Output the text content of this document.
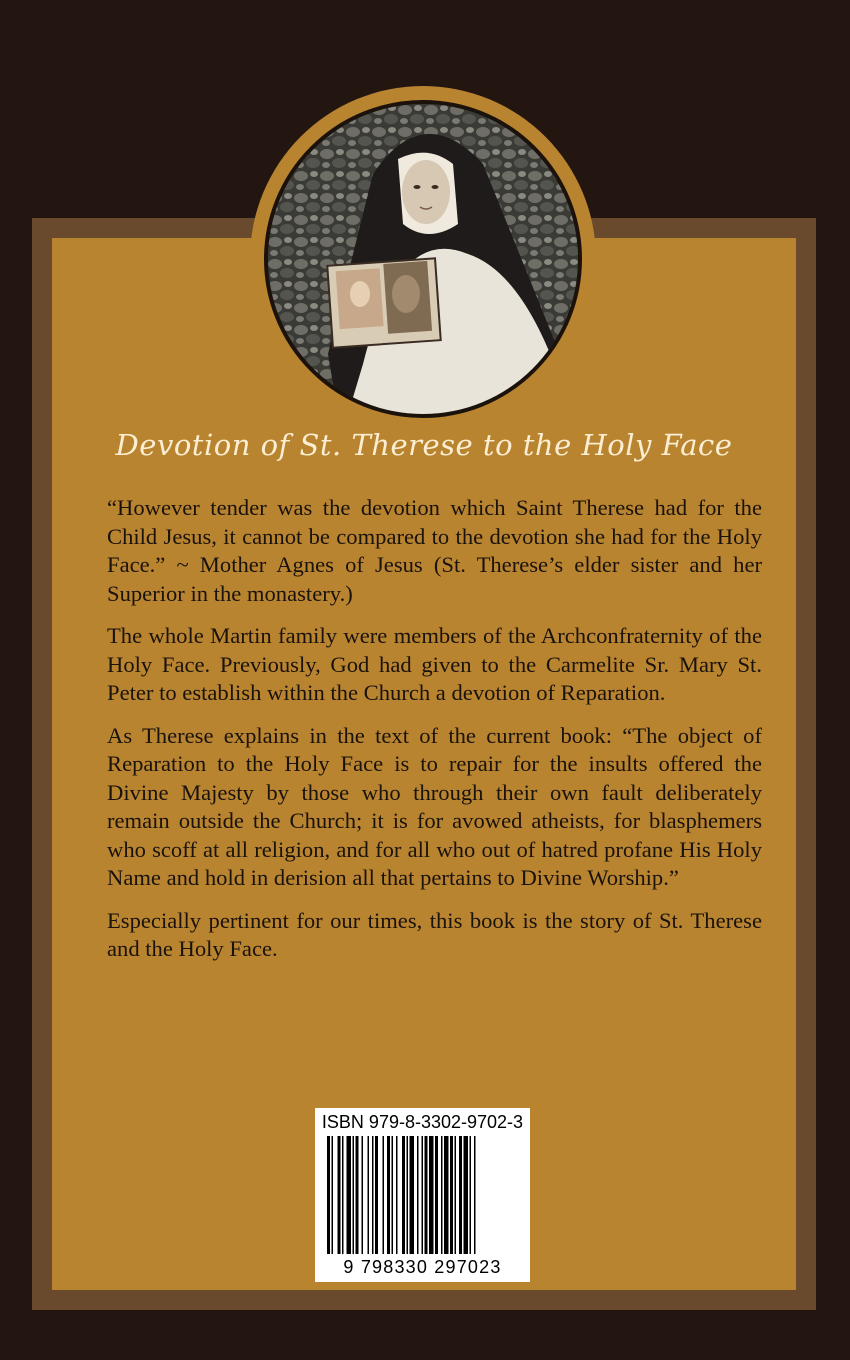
Devotion of St. Therese to the Holy Face

“However tender was the devotion which Saint Therese had for the Child Jesus, it cannot be compared to the devotion she had for the Holy Face.” ~ Mother Agnes of Jesus (St. Therese’s elder sister and her Superior in the monastery.)

The whole Martin family were members of the Archconfraternity of the Holy Face. Previously, God had given to the Carmelite Sr. Mary St. Peter to establish within the Church a devotion of Reparation.

As Therese explains in the text of the current book: “The object of Reparation to the Holy Face is to repair for the insults offered the Divine Majesty by those who through their own fault deliberately remain outside the Church; it is for avowed atheists, for blasphemers who scoff at all religion, and for all who out of hatred profane His Holy Name and hold in derision all that pertains to Divine Worship.”

Especially pertinent for our times, this book is the story of St. Therese and the Holy Face.

ISBN 979-8-3302-9702-3
9 798330 297023
